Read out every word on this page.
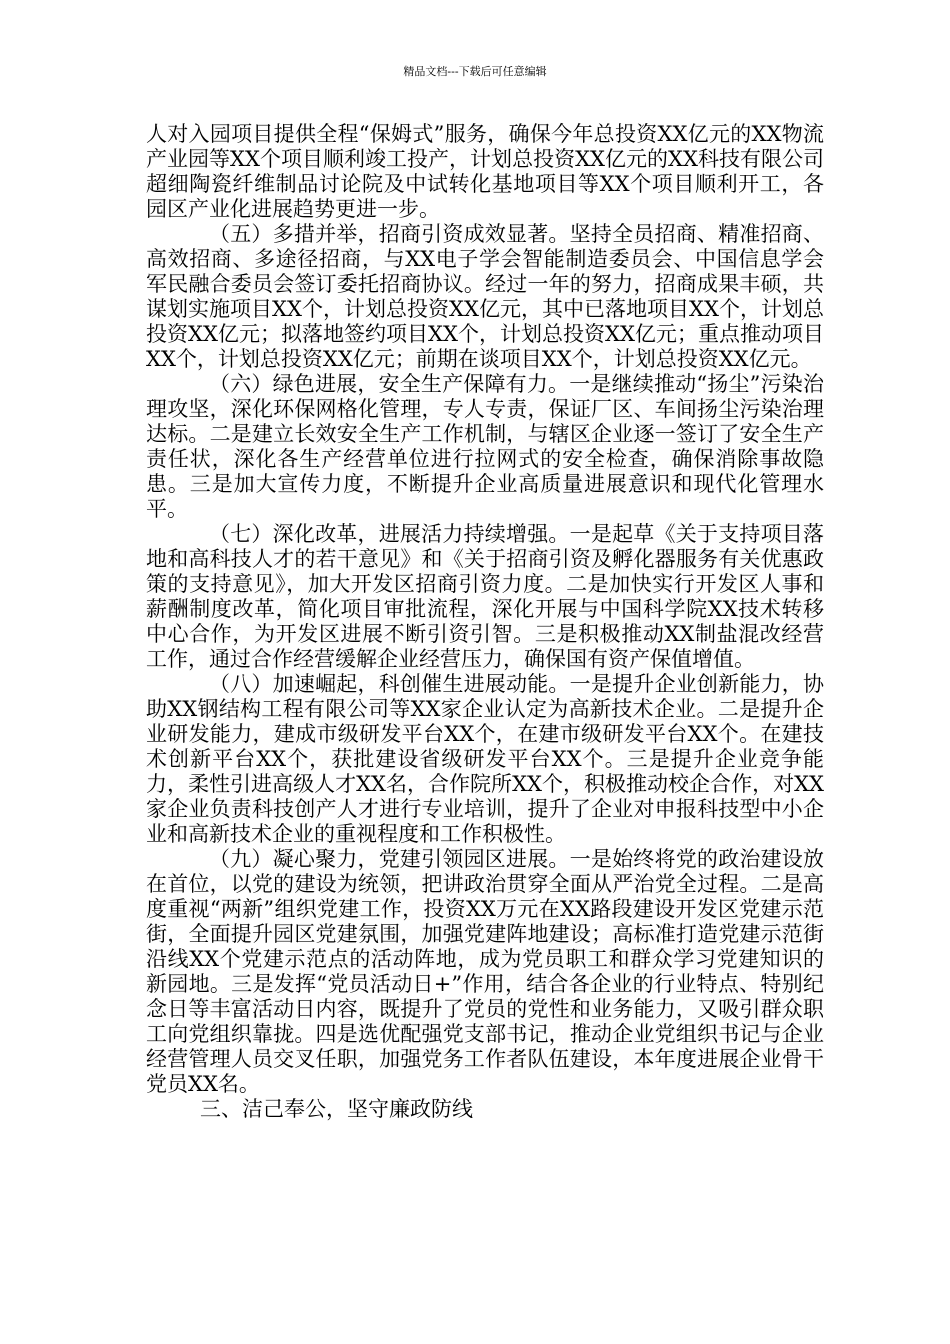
精品文档---下载后可任意编辑

人对入园项目提供全程“保姆式”服务，确保今年总投资XX亿元的XX物流产业园等XX个项目顺利竣工投产，计划总投资XX亿元的XX科技有限公司超细陶瓷纤维制品讨论院及中试转化基地项目等XX个项目顺利开工，各园区产业化进展趋势更进一步。

（五）多措并举，招商引资成效显著。坚持全员招商、精准招商、高效招商、多途径招商，与XX电子学会智能制造委员会、中国信息学会军民融合委员会签订委托招商协议。经过一年的努力，招商成果丰硕，共谋划实施项目XX个，计划总投资XX亿元，其中已落地项目XX个，计划总投资XX亿元；拟落地签约项目XX个，计划总投资XX亿元；重点推动项目XX个，计划总投资XX亿元；前期在谈项目XX个，计划总投资XX亿元。

（六）绿色进展，安全生产保障有力。一是继续推动“扬尘”污染治理攻坚，深化环保网格化管理，专人专责，保证厂区、车间扬尘污染治理达标。二是建立长效安全生产工作机制，与辖区企业逐一签订了安全生产责任状，深化各生产经营单位进行拉网式的安全检查，确保消除事故隐患。三是加大宣传力度，不断提升企业高质量进展意识和现代化管理水平。

（七）深化改革，进展活力持续增强。一是起草《关于支持项目落地和高科技人才的若干意见》和《关于招商引资及孵化器服务有关优惠政策的支持意见》，加大开发区招商引资力度。二是加快实行开发区人事和薪酬制度改革，简化项目审批流程，深化开展与中国科学院XX技术转移中心合作，为开发区进展不断引资引智。三是积极推动XX制盐混改经营工作，通过合作经营缓解企业经营压力，确保国有资产保值增值。

（八）加速崛起，科创催生进展动能。一是提升企业创新能力，协助XX钢结构工程有限公司等XX家企业认定为高新技术企业。二是提升企业研发能力，建成市级研发平台XX个，在建市级研发平台XX个。在建技术创新平台XX个，获批建设省级研发平台XX个。三是提升企业竞争能力，柔性引进高级人才XX名，合作院所XX个，积极推动校企合作，对XX家企业负责科技创产人才进行专业培训，提升了企业对申报科技型中小企业和高新技术企业的重视程度和工作积极性。

（九）凝心聚力，党建引领园区进展。一是始终将党的政治建设放在首位，以党的建设为统领，把讲政治贯穿全面从严治党全过程。二是高度重视“两新”组织党建工作，投资XX万元在XX路段建设开发区党建示范街，全面提升园区党建氛围，加强党建阵地建设；高标准打造党建示范街沿线XX个党建示范点的活动阵地，成为党员职工和群众学习党建知识的新园地。三是发挥“党员活动日+”作用，结合各企业的行业特点、特别纪念日等丰富活动日内容，既提升了党员的党性和业务能力，又吸引群众职工向党组织靠拢。四是选优配强党支部书记，推动企业党组织书记与企业经营管理人员交叉任职，加强党务工作者队伍建设，本年度进展企业骨干党员XX名。

三、洁己奉公，坚守廉政防线
